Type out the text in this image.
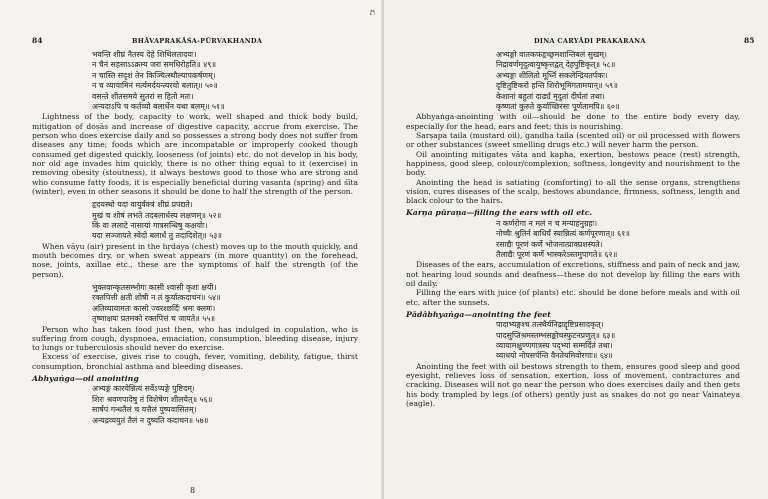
84	BHĀVAPRAKĀŚA-PŪRVAKHANDA
भवन्ति शीघ्रं नैतस्य देहे शिथिलतादयः।
न चैनं सहसाऽऽक्रम्य जरा समधिरोहति॥ ४९॥
न चास्ति सदृशं तेन किञ्चित्स्थौल्यापकर्षणम्।
न च व्यायामिनं मर्त्यमर्दयन्त्यरयो बलात्॥ ५०॥
वसन्ते शीतसमये सुतरां स हितो मतः।
अन्यदाऽपि च कर्तव्यो बलार्धेन यथा बलम्॥ ५१॥

Lightness of the body, capacity to work, well shaped and thick body build, mitigation of doṣās and increase of digestive capacity, accrue from exercise. The person who does exercise daily and so possesses a strong body does not suffer from diseases any time; foods which are incompatable or improperly cooked though consumed get digested quickly, looseness (of joints) etc. do not develop in his body, nor old age invades him quickly, there is no other thing equal to it (exercise) in removing obesity (stoutness), it always bestows good to those who are strong and who consume fatty foods, it is especially beneficial during vasanta (spring) and śīta (winter), even in other seasons it should be done to half the strength of the person.

हृदयस्थो यदा वायुर्वक्त्रं शीघ्रं प्रपद्यते।
मुखं च शोषं लभते तदबलार्धस्य लक्षणम्॥ ५२॥
किं वा ललाटे नासायां गात्रसन्धिषु कक्षयोः।
यदा सञ्जायते स्वेदो बलार्धं तु तदादिशेत्॥ ५३॥

When vāyu (air) present in the hṛdaya (chest) moves up to the mouth quickly, and mouth becomes dry, or when sweat appears (in more quantity) on the forehead, nose, joints, axillae etc., these are the symptoms of half the strength (of the person).

भुक्तवान्कृतसम्भोगः कासी श्वासी कृशः क्षयी।
रक्तपित्ती क्षती शोषी न तं कुर्यात्कदाचन॥ ५४॥
अतिव्यायामतः कासो ज्वरश्छर्दिः श्रमः क्लमः।
तृष्णाक्षयः प्रतमको रक्तपित्तं च जायते॥ ५५॥

Person who has taken food just then, who has indulged in copulation, who is suffering from cough, dyspnoea, emaciation, consumption, bleeding disease, injury to lungs or tuberculosis should never do exercise.

Excess of exercise, gives rise to cough, fever, vomiting, debility, fatigue, thirst consumption, bronchial asthma and bleeding diseases.

Abhyaṅga—oil anointing
अभ्यङ्गं कारयेन्नित्यं सर्वेऽप्यङ्गे पुष्टिदम्।
शिरः श्रवणपादेषु तं विशेषेण शीलयेत्॥ ५६॥
सार्षपं गन्धतैलं च यत्तैलं पुष्पवासितम्।
अन्यद्रव्ययुतं तैलं न दुष्यति कदाचन॥ ५७॥
8
ת
DINA CARYĀDI PRAKARANA	85
अभ्यङ्गो वातकफहृच्छ्रमशान्तिबलं सुखम्।
निद्रावर्णमृदुत्वायुष्कृत्तद्वत् देहपुष्टिकृत्॥ ५८॥
अभ्यङ्गः शीलितो मूर्ध्नि सकलेन्द्रियतर्पकः।
दृष्टितुष्टिकरो हन्ति शिरोभूमिगतामयान्॥ ५९॥
केशानां बहुतां दार्ढ्यं मृदुतां दीर्घतां तथा।
कृष्णतां कुरुते कुर्याच्छिरसः पूर्णतामपि॥ ६०॥

Abhyaṅga-anointing with oil—should be done to the entire body every day, especially for the head, ears and feet; this is nourishing.

Sarṣapa taila (mustard oil), gandha taila (scented oil) or oil processed with flowers or other substances (sweet smelling drugs etc.) will never harm the person.

Oil anointing mitigates vāta and kapha, exertion, bestows peace (rest) strength, happiness, good sleep, colour/complexion, softness, longevity and nourishment to the body.

Anointing the head is satiating (comforting) to all the sense organs, strengthens vision, cures diseases of the scalp, bestows abundance, firmness, softness, length and black colour to the hairs.

Karṇa pūraṇa—filling the ears with oil etc.
न कर्णरोगा न मलं न च मन्याहनुग्रहः।
नोच्चैः श्रुतिर्न बाधिर्यं स्यान्नित्यं कर्णपूरणात्॥ ६१॥
रसाद्यैः पूरणं कर्णे भोजनात्प्राक्प्रशस्यते।
तैलाद्यैः पूरणं कर्णे भास्करेऽस्तमुपागते॥ ६२॥

Diseases of the ears, accumulation of excretions, stiffness and pain of neck and jaw, not hearing loud sounds and deafness—these do not develop by filling the ears with oil daily.

Filling the ears with juice (of plants) etc. should be done before meals and with oil etc. after the sunsets.

Pādābhyaṅga—anointing the feet
पादाभ्यङ्गश्च तत्स्थैर्यनिद्राद्दृष्टिप्रसादकृत्।
पादसुप्तिश्रमस्तम्भसङ्कोचस्फुटनप्रणुत्॥ ६३॥
व्यायामक्षुण्णगात्रस्य पद्भ्यां सम्मर्दितं तथा।
व्याधयो नोपसर्पन्ति वैनतेयमिवोरगाः॥ ६४॥

Anointing the feet with oil bestows strength to them, ensures good sleep and good eyesight, relieves loss of sensation, exertion, loss of movement, contractures and cracking. Diseases will not go near the person who does exercises daily and then gets his body trampled by legs (of others) gently just as snakes do not go near Vainateya (eagle).
